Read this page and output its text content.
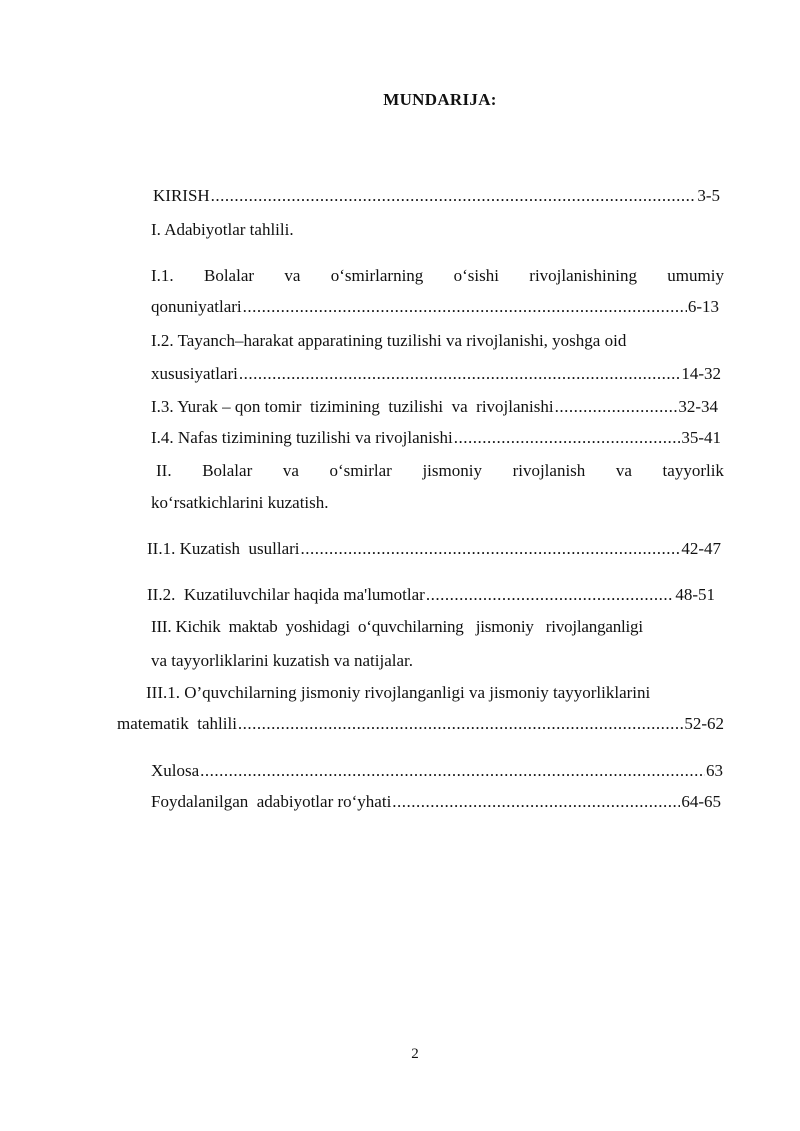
MUNDARIJA:
KIRISH .....	3-5
I. Adabiyotlar tahlili.
I.1. Bolalar va o‘smirlarning o‘sishi rivojlanishining umumiy
qonuniyatlari .....	6-13
I.2. Tayanch–harakat apparatining tuzilishi va rivojlanishi, yoshga oid
xususiyatlari .....	14-32
I.3. Yurak – qon tomir  tizimining  tuzilishi  va  rivojlanishi .....	32-34
I.4. Nafas tizimining tuzilishi va rivojlanishi .....	35-41
II. Bolalar va o‘smirlar jismoniy rivojlanish va tayyorlik
ko‘rsatkichlarini kuzatish.
II.1. Kuzatish  usullari .....	42-47
II.2.  Kuzatiluvchilar haqida ma'lumotlar .....	48-51
III. Kichik  maktab  yoshidagi  o‘quvchilarning   jismoniy   rivojlanganligi
va tayyorliklarini kuzatish va natijalar.
III.1. O’quvchilarning jismoniy rivojlanganligi va jismoniy tayyorliklarini
matematik  tahlili .....	52-62
Xulosa .....	63
Foydalanilgan  adabiyotlar ro‘yhati .....	64-65
2
